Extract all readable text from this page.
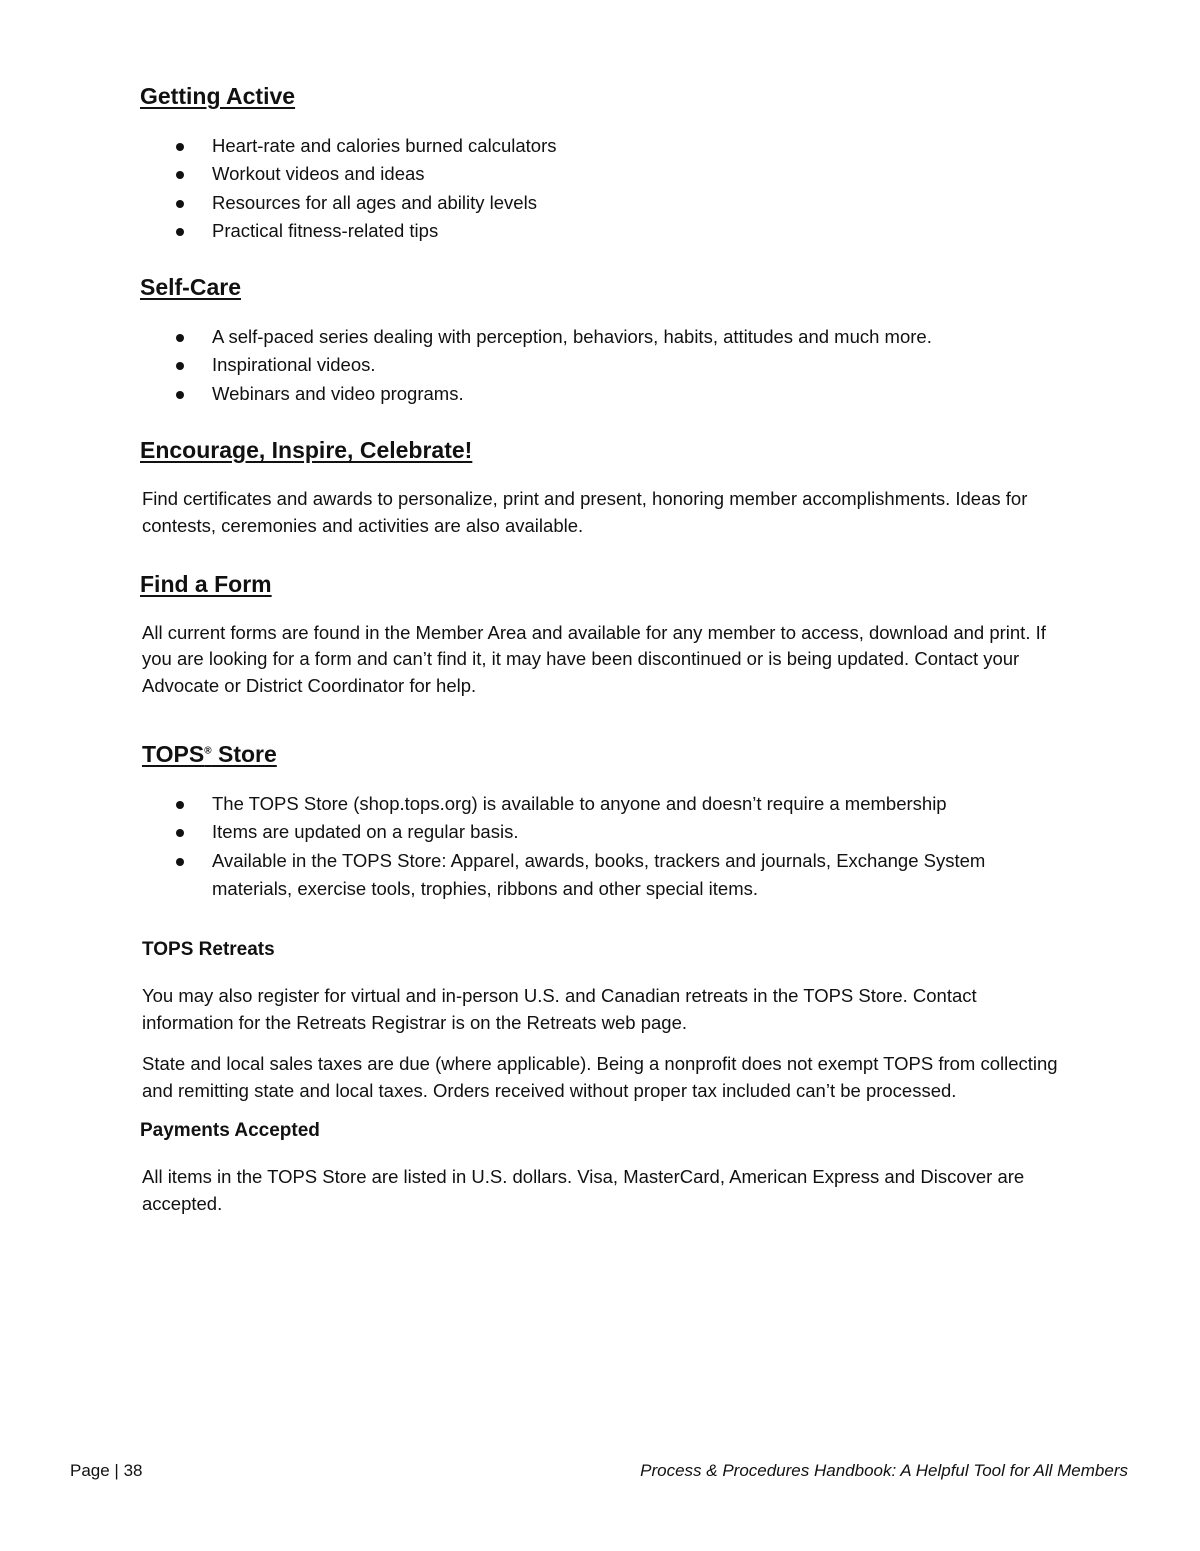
Getting Active
Heart-rate and calories burned calculators
Workout videos and ideas
Resources for all ages and ability levels
Practical fitness-related tips
Self-Care
A self-paced series dealing with perception, behaviors, habits, attitudes and much more.
Inspirational videos.
Webinars and video programs.
Encourage, Inspire, Celebrate!

Find certificates and awards to personalize, print and present, honoring member accomplishments. Ideas for contests, ceremonies and activities are also available.

Find a Form

All current forms are found in the Member Area and available for any member to access, download and print. If you are looking for a form and can’t find it, it may have been discontinued or is being updated. Contact your Advocate or District Coordinator for help.

TOPS® Store
The TOPS Store (shop.tops.org) is available to anyone and doesn’t require a membership
Items are updated on a regular basis.
Available in the TOPS Store: Apparel, awards, books, trackers and journals, Exchange System materials, exercise tools, trophies, ribbons and other special items.
TOPS Retreats

You may also register for virtual and in-person U.S. and Canadian retreats in the TOPS Store. Contact information for the Retreats Registrar is on the Retreats web page.

State and local sales taxes are due (where applicable). Being a nonprofit does not exempt TOPS from collecting and remitting state and local taxes. Orders received without proper tax included can’t be processed.

Payments Accepted

All items in the TOPS Store are listed in U.S. dollars. Visa, MasterCard, American Express and Discover are accepted.

Page | 38	Process & Procedures Handbook: A Helpful Tool for All Members
